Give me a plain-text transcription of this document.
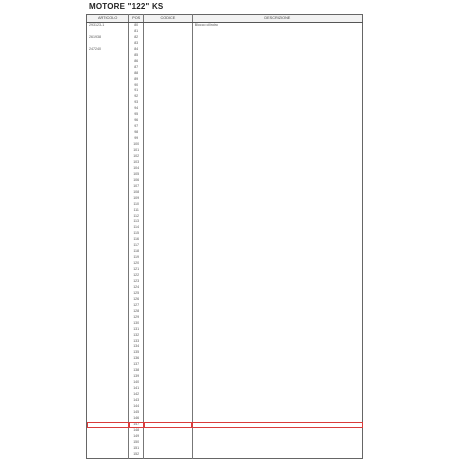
MOTORE "122" KS
ARTICOLO	POS	CODICE	DESCRIZIONE
293123-1	80		Blocco cilindro
	81		
261938	82		
	83		
247240	84		
	85		
	86		
	87		
	88		
	89		
	90		
	91		
	92		
	93		
	94		
	95		
	96		
	97		
	98		
	99		
	100		
	101		
	102		
	103		
	104		
	105		
	106		
	107		
	108		
	109		
	110		
	111		
	112		
	113		
	114		
	115		
	116		
	117		
	118		
	119		
	120		
	121		
	122		
	123		
	124		
	125		
	126		
	127		
	128		
	129		
	130		
	131		
	132		
	133		
	134		
	135		
	136		
	137		
	138		
	139		
	140		
	141		
	142		
	143		
	144		
	145		
	146		
	147		
	148		
	149		
	150		
	151		
	152		
